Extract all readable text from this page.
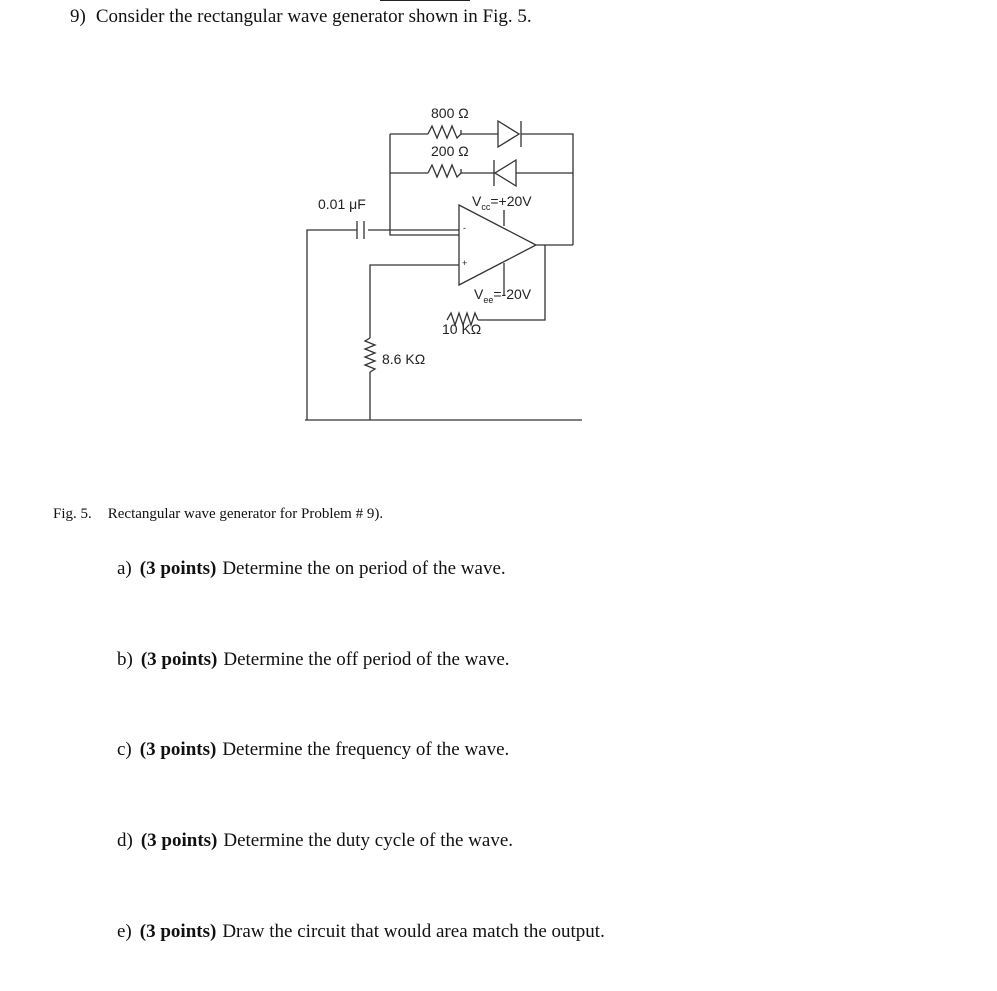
9) Consider the rectangular wave generator shown in Fig. 5.
800 Ω
200 Ω
0.01 μF	$V_{cc}=+20V$
$V_{ee}=-20V$
10 KΩ
8.6 KΩ
-
+
Fig. 5. Rectangular wave generator for Problem # 9).
a) (3 points) Determine the on period of the wave.
b) (3 points) Determine the off period of the wave.
c) (3 points) Determine the frequency of the wave.
d) (3 points) Determine the duty cycle of the wave.
e) (3 points) Draw the circuit that would area match the output.
